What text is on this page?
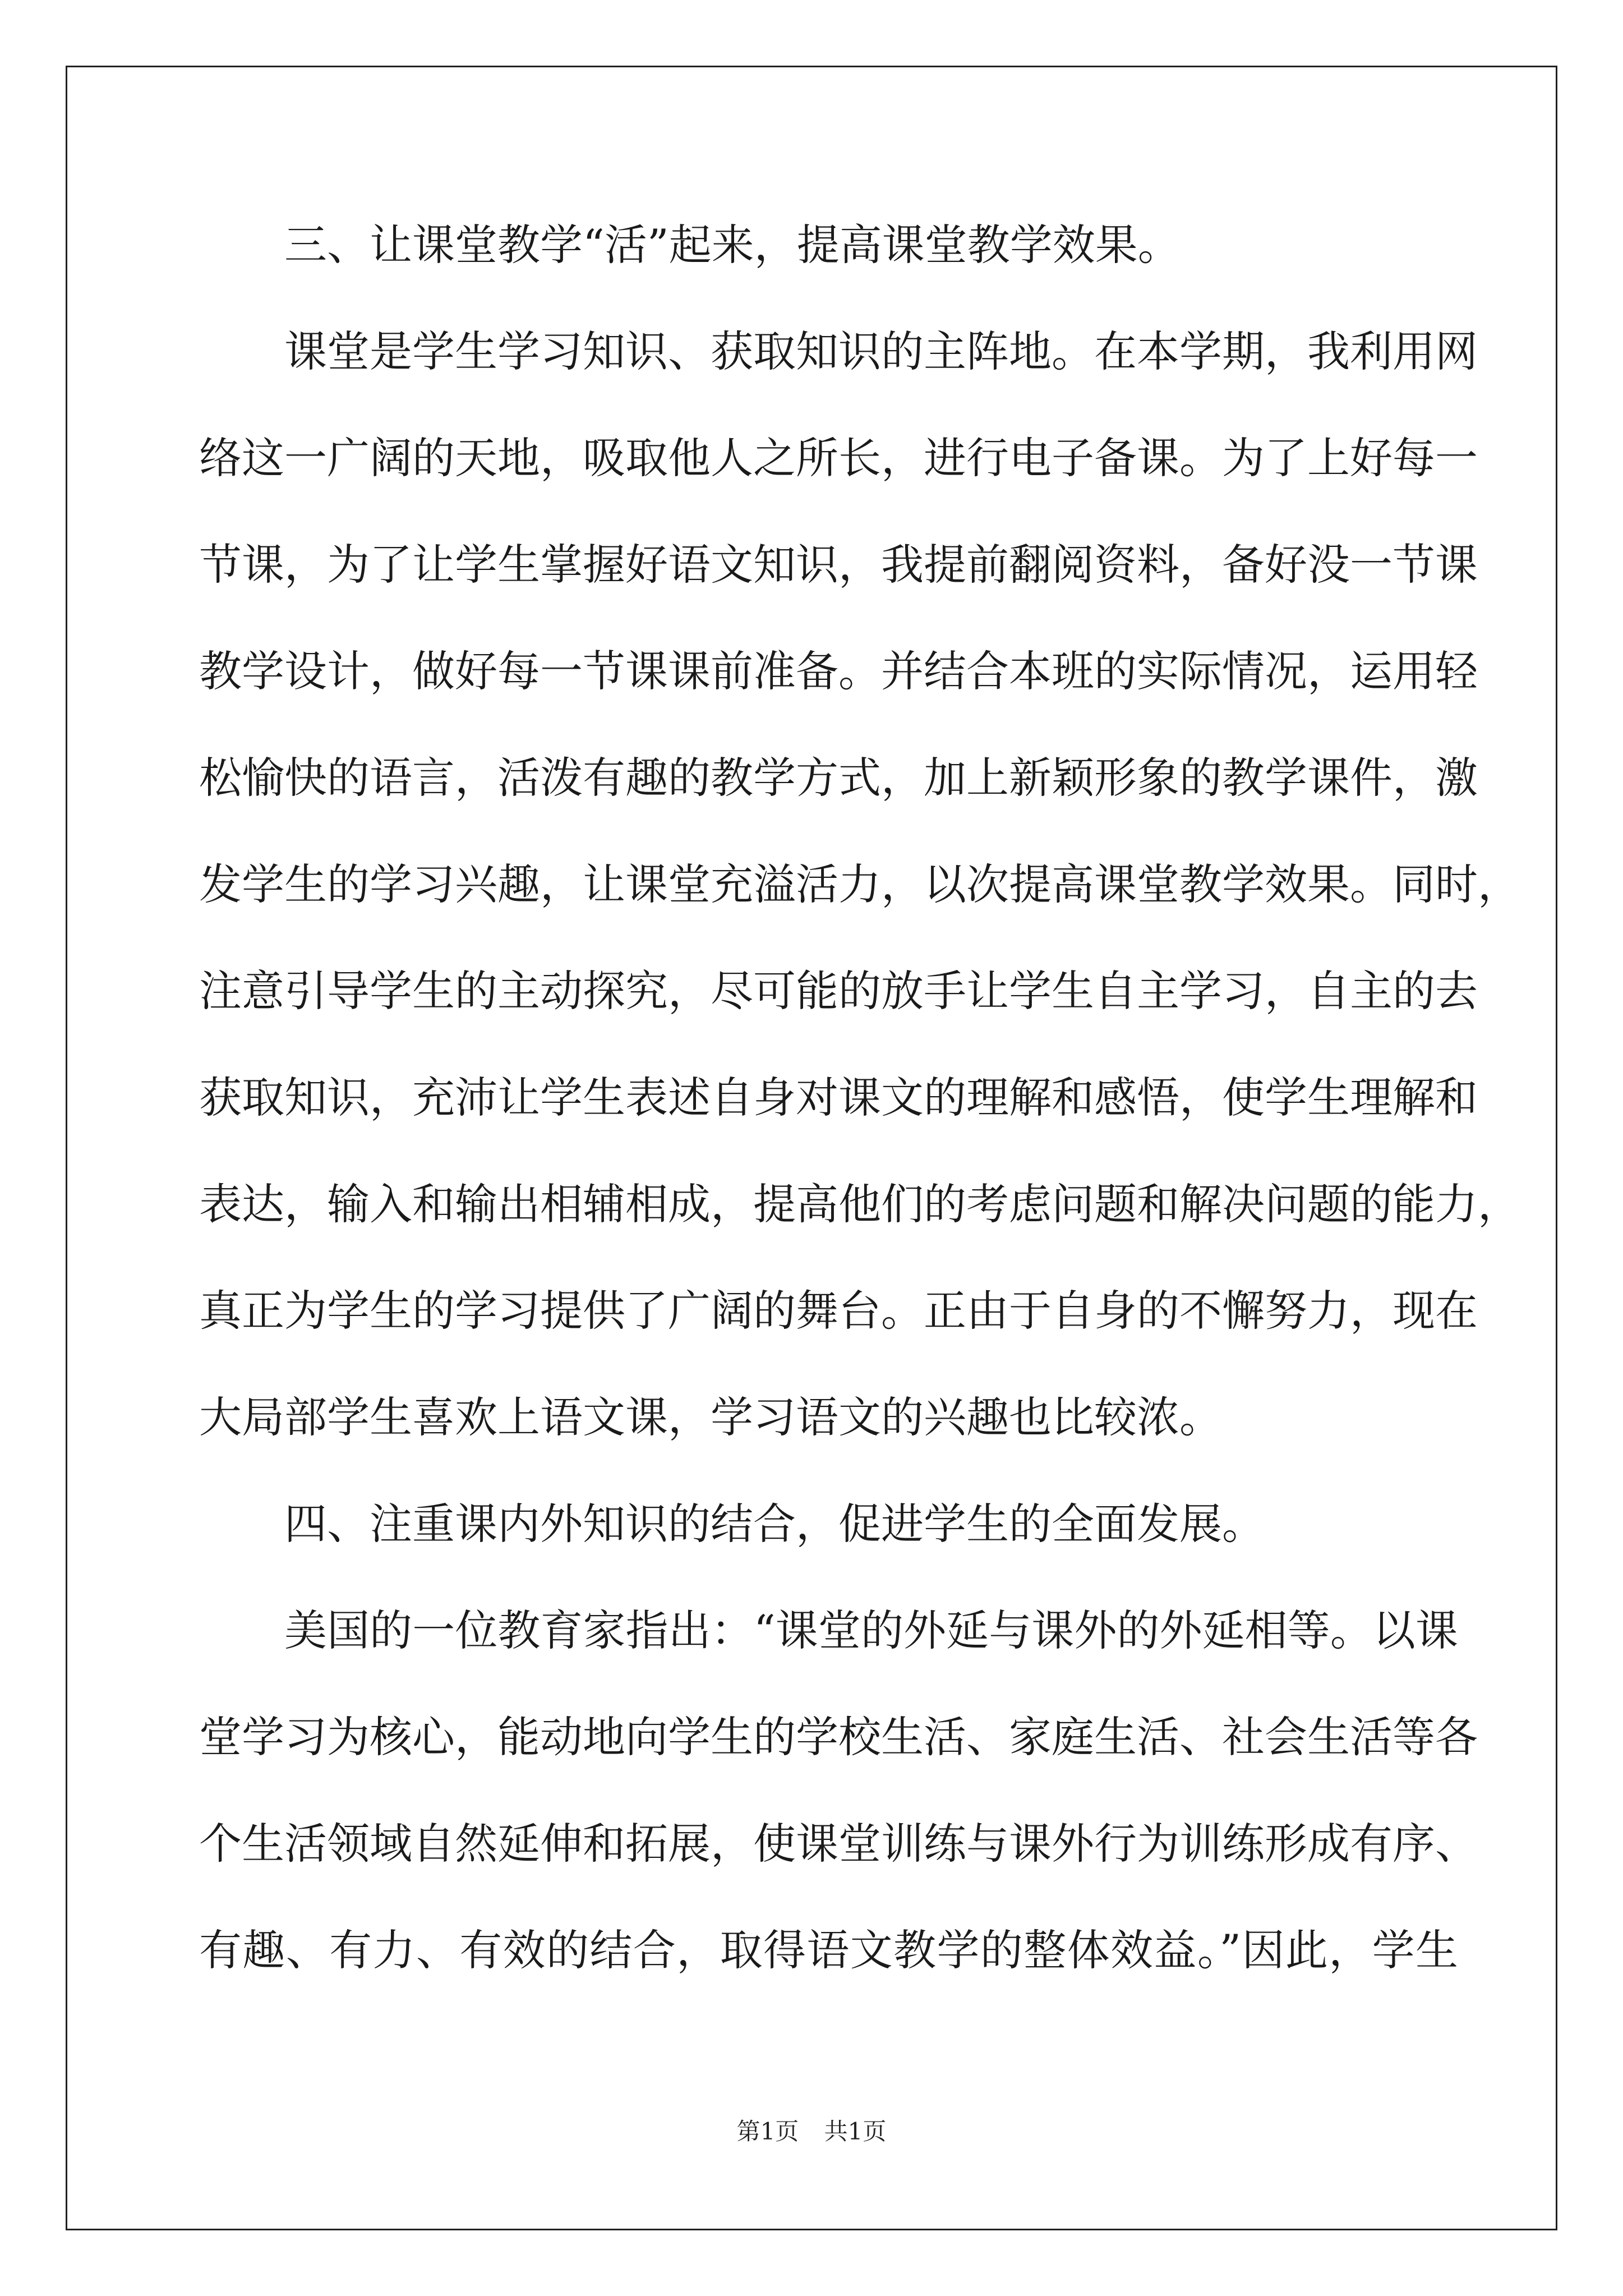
三、让课堂教学“活”起来，提高课堂教学效果。
课堂是学生学习知识、获取知识的主阵地。在本学期，我利用网
络这一广阔的天地，吸取他人之所长，进行电子备课。为了上好每一
节课，为了让学生掌握好语文知识，我提前翻阅资料，备好没一节课
教学设计，做好每一节课课前准备。并结合本班的实际情况，运用轻
松愉快的语言，活泼有趣的教学方式，加上新颖形象的教学课件，激
发学生的学习兴趣，让课堂充溢活力，以次提高课堂教学效果。同时，
注意引导学生的主动探究，尽可能的放手让学生自主学习，自主的去
获取知识，充沛让学生表述自身对课文的理解和感悟，使学生理解和
表达，输入和输出相辅相成，提高他们的考虑问题和解决问题的能力，
真正为学生的学习提供了广阔的舞台。正由于自身的不懈努力，现在
大局部学生喜欢上语文课，学习语文的兴趣也比较浓。
四、注重课内外知识的结合，促进学生的全面发展。
美国的一位教育家指出：“课堂的外延与课外的外延相等。以课
堂学习为核心，能动地向学生的学校生活、家庭生活、社会生活等各
个生活领域自然延伸和拓展，使课堂训练与课外行为训练形成有序、
有趣、有力、有效的结合，取得语文教学的整体效益。”因此，学生
第1页 共1页
